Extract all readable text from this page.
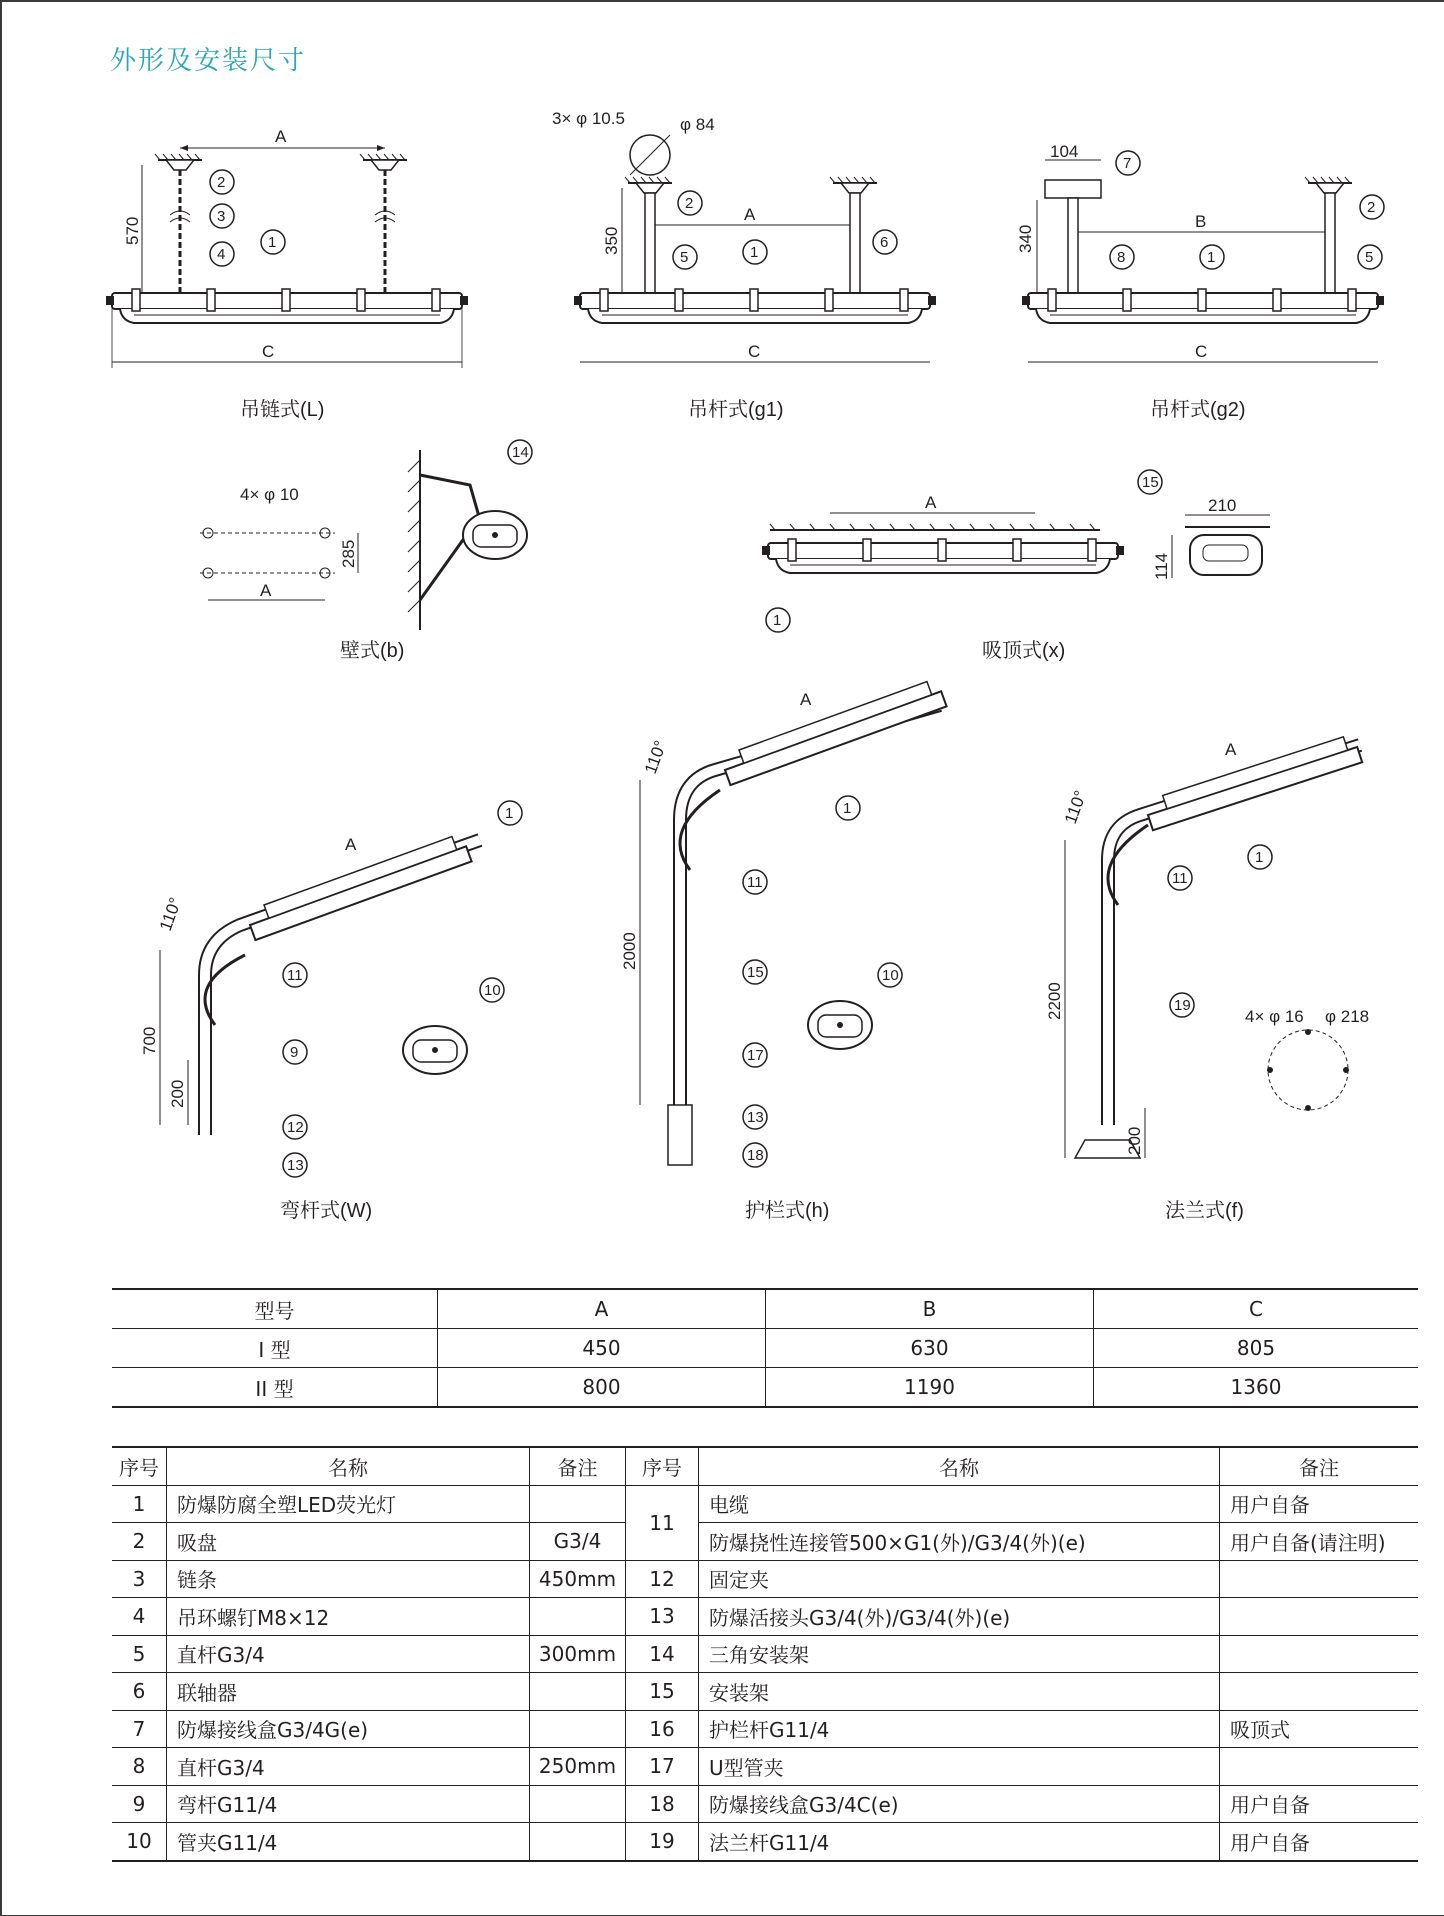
外形及安装尺寸
A
570
C
2
3
4
1
吊链式(L)
3× φ 10.5	φ 84
350
A
C
2
5	1
6
吊杆式(g1)
104
340
B
C
7
2
5
8	1
吊杆式(g2)
A
285
4× φ 10
14
壁式(b)
A
1
210
114
15
吸顶式(x)
700
200
110°
A
1
11
9
12
13
10
弯杆式(W)
2000
110°
A
1
11
15
17
13
18
10
护栏式(h)
2200
200
110°
A
1
11
19
4× φ 16 φ 218
法兰式(f)
型号	A	B	C
I 型	450	630	805
II 型	800	1190	1360
序号	名称	备注	序号	名称	备注
1	防爆防腐全塑LED荧光灯		11	电缆	用户自备
2	吸盘	G3/4		防爆挠性连接管500×G1(外)/G3/4(外)(e)	用户自备(请注明)
3	链条	450mm	12	固定夹	
4	吊环螺钉M8×12		13	防爆活接头G3/4(外)/G3/4(外)(e)	
5	直杆G3/4	300mm	14	三角安装架	
6	联轴器		15	安装架	
7	防爆接线盒G3/4G(e)		16	护栏杆G11/4	吸顶式
8	直杆G3/4	250mm	17	U型管夹	
9	弯杆G11/4		18	防爆接线盒G3/4C(e)	用户自备
10	管夹G11/4		19	法兰杆G11/4	用户自备
